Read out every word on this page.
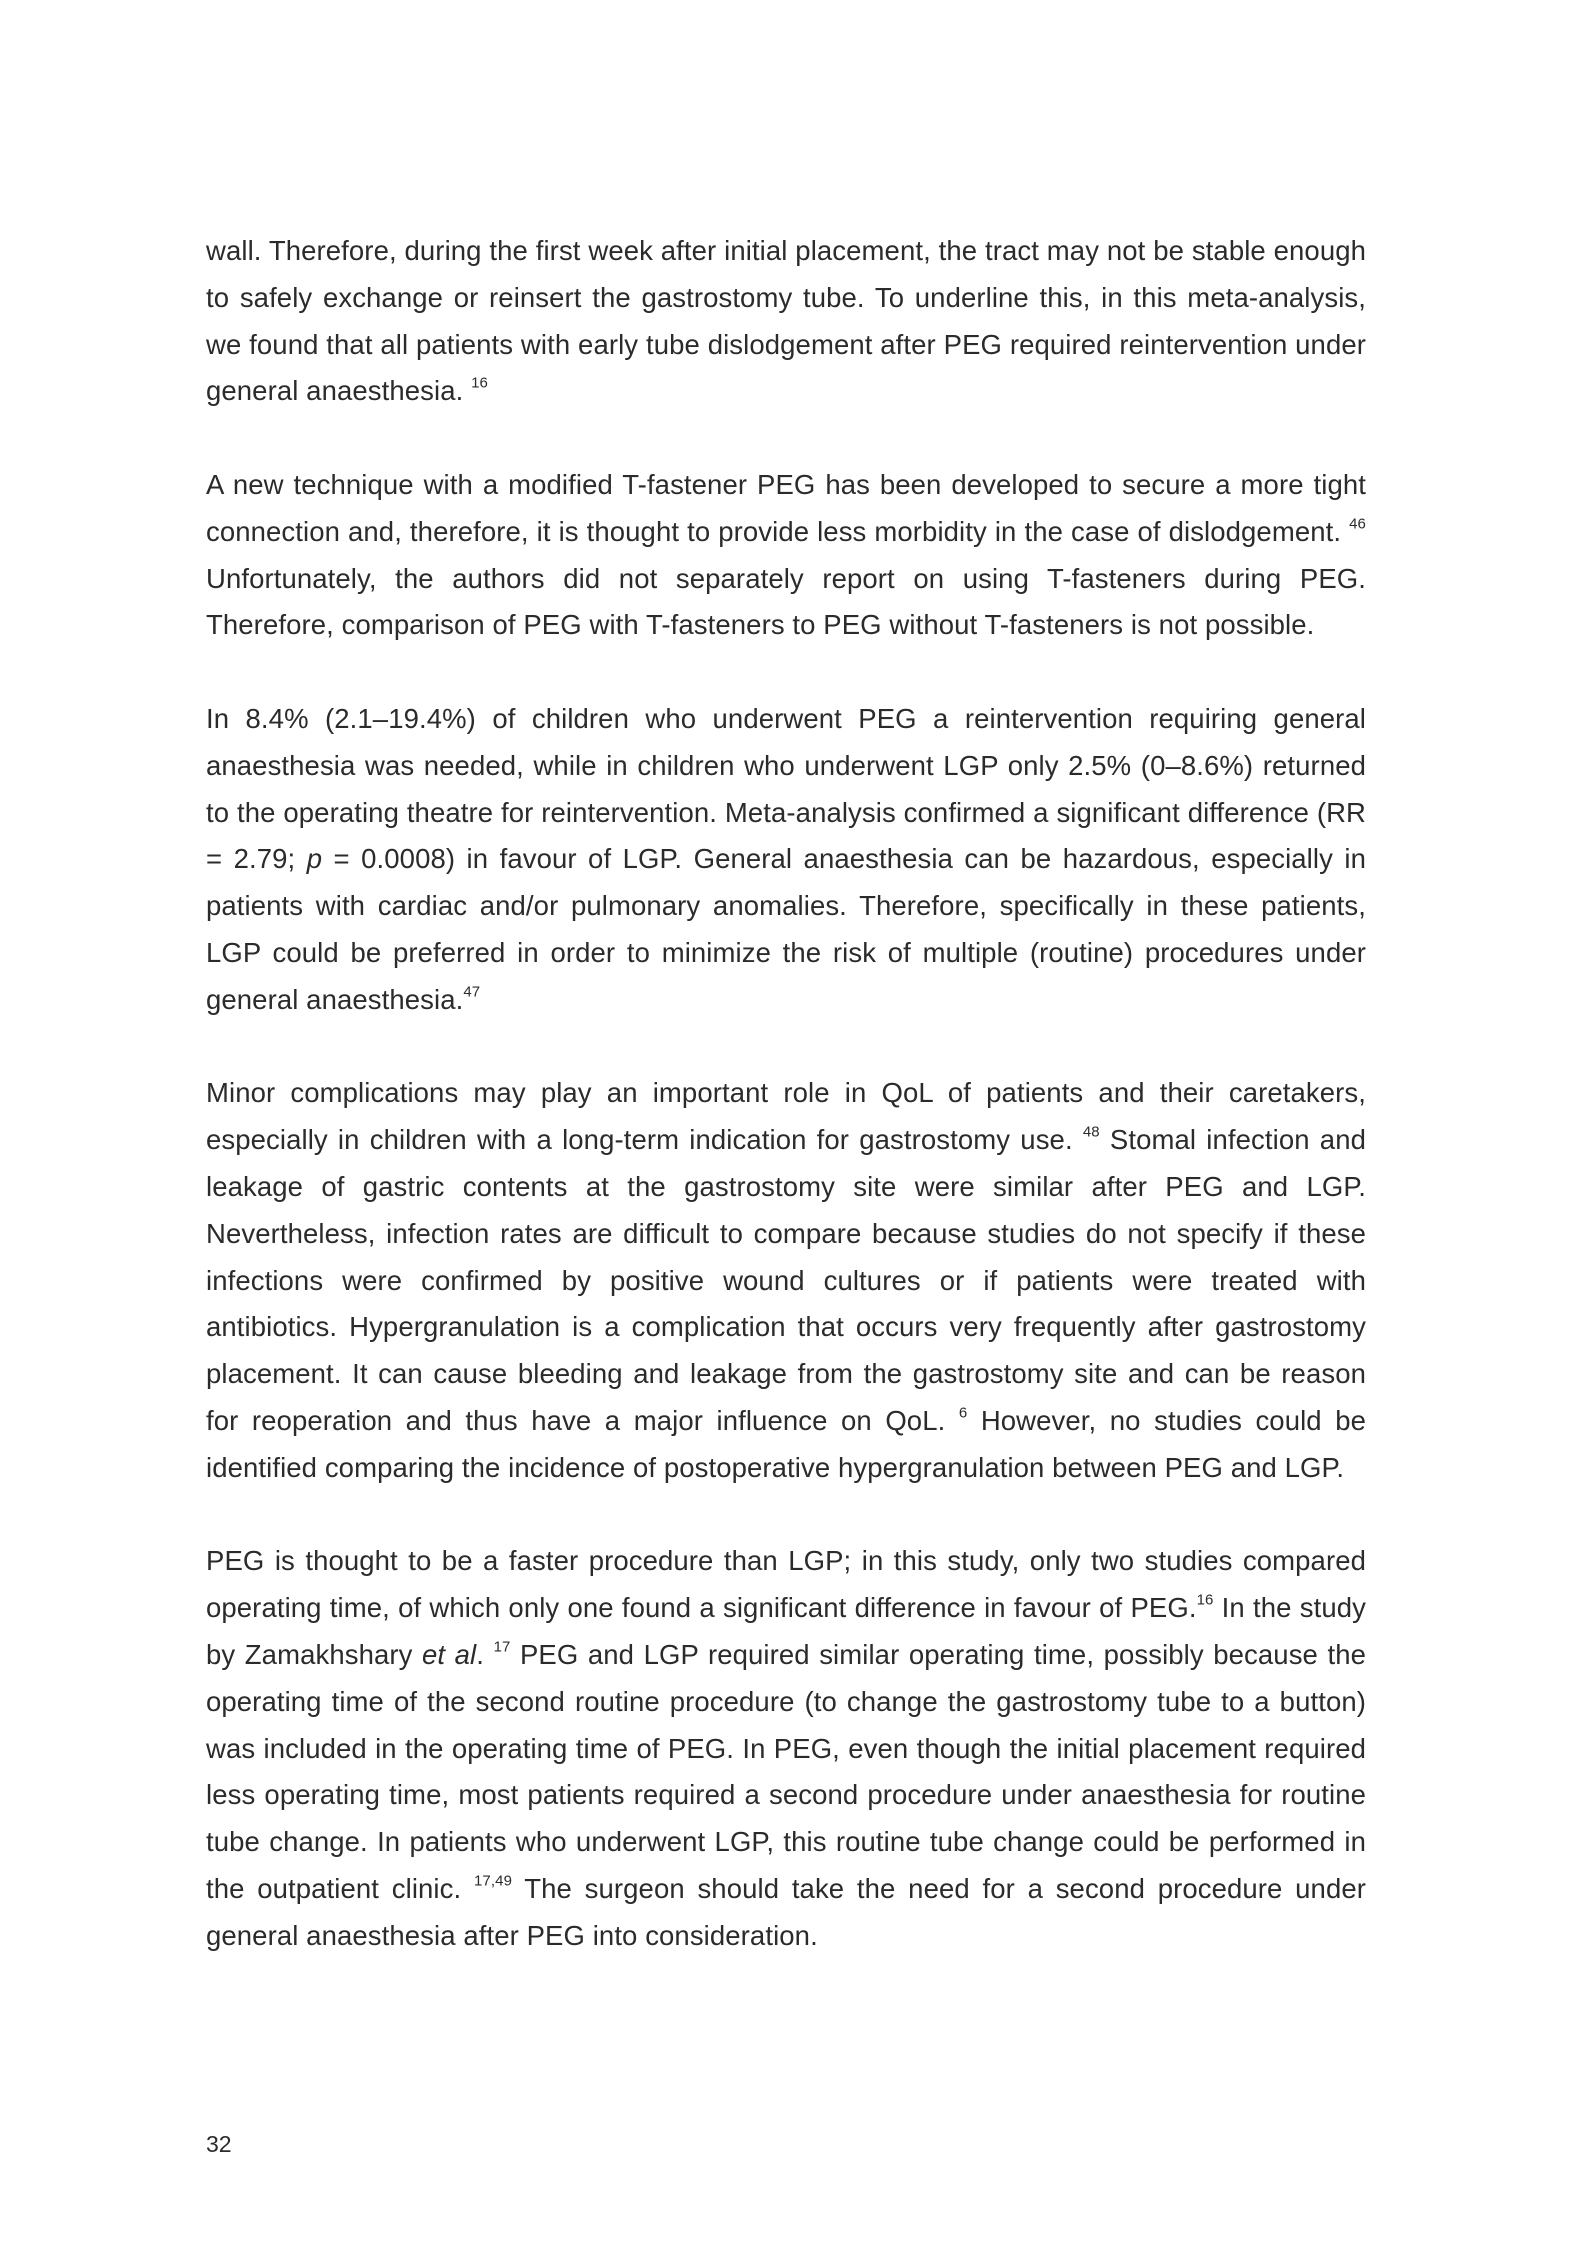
wall. Therefore, during the first week after initial placement, the tract may not be stable enough to safely exchange or reinsert the gastrostomy tube. To underline this, in this meta-analysis, we found that all patients with early tube dislodgement after PEG required reintervention under general anaesthesia. $^{16}$

A new technique with a modified T-fastener PEG has been developed to secure a more tight connection and, therefore, it is thought to provide less morbidity in the case of dislodgement. $^{46}$ Unfortunately, the authors did not separately report on using T-fasteners during PEG. Therefore, comparison of PEG with T-fasteners to PEG without T-fasteners is not possible.

In 8.4% (2.1–19.4%) of children who underwent PEG a reintervention requiring general anaesthesia was needed, while in children who underwent LGP only 2.5% (0–8.6%) returned to the operating theatre for reintervention. Meta-analysis confirmed a significant difference (RR = 2.79; p = 0.0008) in favour of LGP. General anaesthesia can be hazardous, especially in patients with cardiac and/or pulmonary anomalies. Therefore, specifically in these patients, LGP could be preferred in order to minimize the risk of multiple (routine) procedures under general anaesthesia.$^{47}$

Minor complications may play an important role in QoL of patients and their caretakers, especially in children with a long-term indication for gastrostomy use. $^{48}$ Stomal infection and leakage of gastric contents at the gastrostomy site were similar after PEG and LGP. Nevertheless, infection rates are difficult to compare because studies do not specify if these infections were confirmed by positive wound cultures or if patients were treated with antibiotics. Hypergranulation is a complication that occurs very frequently after gastrostomy placement. It can cause bleeding and leakage from the gastrostomy site and can be reason for reoperation and thus have a major influence on QoL. $^6$ However, no studies could be identified comparing the incidence of postoperative hypergranulation between PEG and LGP.

PEG is thought to be a faster procedure than LGP; in this study, only two studies compared operating time, of which only one found a significant difference in favour of PEG.$^{16}$ In the study by Zamakhshary et al. $^{17}$ PEG and LGP required similar operating time, possibly because the operating time of the second routine procedure (to change the gastrostomy tube to a button) was included in the operating time of PEG. In PEG, even though the initial placement required less operating time, most patients required a second procedure under anaesthesia for routine tube change. In patients who underwent LGP, this routine tube change could be performed in the outpatient clinic. $^{17,49}$ The surgeon should take the need for a second procedure under general anaesthesia after PEG into consideration.

32
